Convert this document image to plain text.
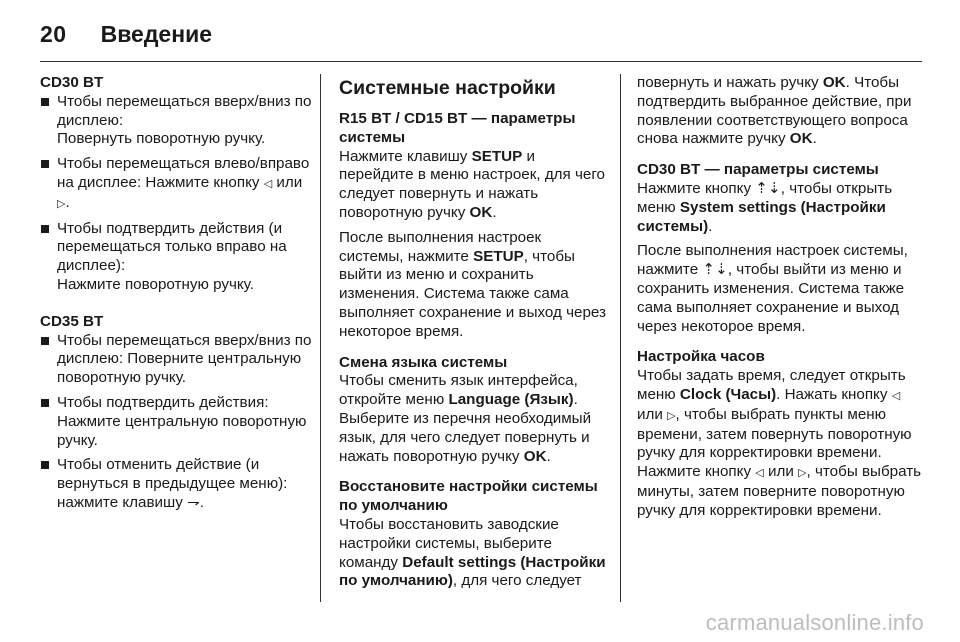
20 Введение
CD30 BT
Чтобы перемещаться вверх/вниз по дисплею:
Повернуть поворотную ручку.
Чтобы перемещаться влево/вправо на дисплее: Нажмите кнопку ◁ или ▷.
Чтобы подтвердить действия (и перемещаться только вправо на дисплее):
Нажмите поворотную ручку.
CD35 BT
Чтобы перемещаться вверх/вниз по дисплею: Поверните центральную поворотную ручку.
Чтобы подтвердить действия: Нажмите центральную поворотную ручку.
Чтобы отменить действие (и вернуться в предыдущее меню): нажмите клавишу ⇁.
Системные настройки
R15 BT / CD15 BT — параметры системы

Нажмите клавишу SETUP и перейдите в меню настроек, для чего следует повернуть и нажать поворотную ручку OK.

После выполнения настроек системы, нажмите SETUP, чтобы выйти из меню и сохранить изменения. Система также сама выполняет сохранение и выход через некоторое время.

Смена языка системы

Чтобы сменить язык интерфейса, откройте меню Language (Язык). Выберите из перечня необходимый язык, для чего следует повернуть и нажать поворотную ручку OK.

Восстановите настройки системы по умолчанию

Чтобы восстановить заводские настройки системы, выберите команду Default settings (Настройки по умолчанию), для чего следует

повернуть и нажать ручку OK. Чтобы подтвердить выбранное действие, при появлении соответствующего вопроса снова нажмите ручку OK.

CD30 BT — параметры системы

Нажмите кнопку ⇡⇣, чтобы открыть меню System settings (Настройки системы).

После выполнения настроек системы, нажмите ⇡⇣, чтобы выйти из меню и сохранить изменения. Система также сама выполняет сохранение и выход через некоторое время.

Настройка часов

Чтобы задать время, следует открыть меню Clock (Часы). Нажать кнопку ◁ или ▷, чтобы выбрать пункты меню времени, затем повернуть поворотную ручку для корректировки времени. Нажмите кнопку ◁ или ▷, чтобы выбрать минуты, затем поверните поворотную ручку для корректировки времени.

carmanualsonline.info
